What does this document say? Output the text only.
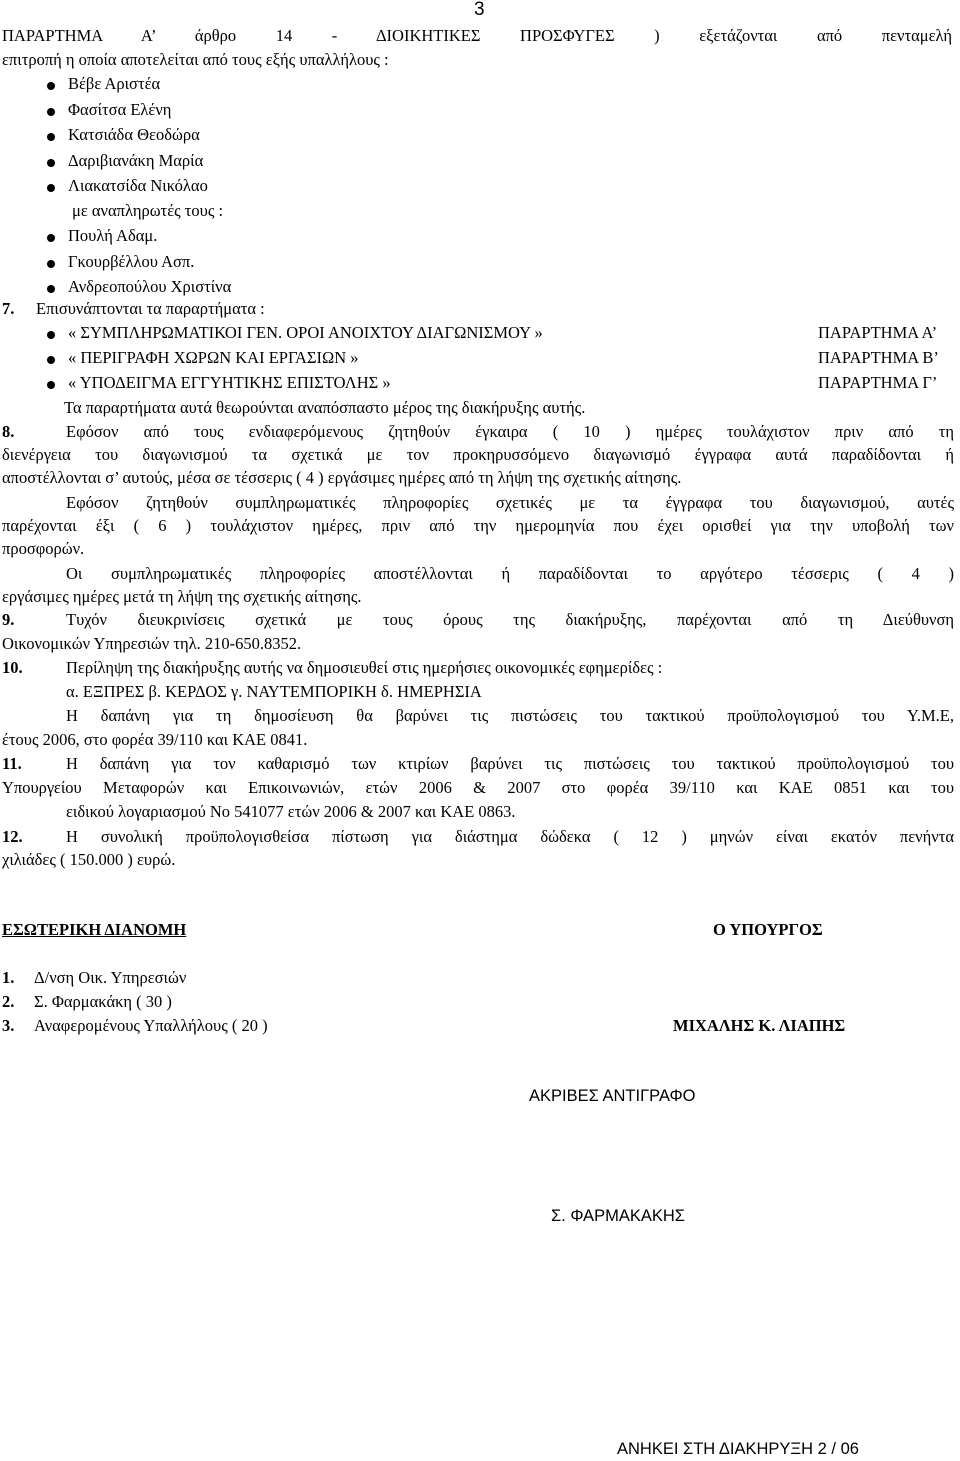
3
ΠΑΡΑΡΤΗΜΑ Α’ άρθρο 14 - ΔΙΟΙΚΗΤΙΚΕΣ ΠΡΟΣΦΥΓΕΣ ) εξετάζονται από πενταμελή
επιτροπή η οποία αποτελείται από τους εξής υπαλλήλους :
Βέβε Αριστέα
Φασίτσα Ελένη
Κατσιάδα Θεοδώρα
Δαριβιανάκη Μαρία
Λιακατσίδα Νικόλαο
με αναπληρωτές τους :
Πουλή Αδαμ.
Γκουρβέλλου Ασπ.
Ανδρεοπούλου Χριστίνα
7. Επισυνάπτονται τα παραρτήματα :
« ΣΥΜΠΛΗΡΩΜΑΤΙΚΟΙ ΓΕΝ. ΟΡΟΙ ΑΝΟΙΧΤΟΥ ΔΙΑΓΩΝΙΣΜΟΥ »	ΠΑΡΑΡΤΗΜΑ Α’
« ΠΕΡΙΓΡΑΦΗ ΧΩΡΩΝ ΚΑΙ ΕΡΓΑΣΙΩΝ »	ΠΑΡΑΡΤΗΜΑ Β’
« ΥΠΟΔΕΙΓΜΑ ΕΓΓΥΗΤΙΚΗΣ ΕΠΙΣΤΟΛΗΣ »	ΠΑΡΑΡΤΗΜΑ Γ’
Τα παραρτήματα αυτά θεωρούνται αναπόσπαστο μέρος της διακήρυξης αυτής.
8.	Εφόσον από τους ενδιαφερόμενους ζητηθούν έγκαιρα ( 10 ) ημέρες τουλάχιστον πριν από τη
διενέργεια του διαγωνισμού τα σχετικά με τον προκηρυσσόμενο διαγωνισμό έγγραφα αυτά παραδίδονται ή
αποστέλλονται σ’ αυτούς, μέσα σε τέσσερις ( 4 ) εργάσιμες ημέρες από τη λήψη της σχετικής αίτησης.
Εφόσον ζητηθούν συμπληρωματικές πληροφορίες σχετικές με τα έγγραφα του διαγωνισμού, αυτές
παρέχονται έξι ( 6 ) τουλάχιστον ημέρες, πριν από την ημερομηνία που έχει ορισθεί για την υποβολή των
προσφορών.
Οι συμπληρωματικές πληροφορίες αποστέλλονται ή παραδίδονται το αργότερο τέσσερις ( 4 )
εργάσιμες ημέρες μετά τη λήψη της σχετικής αίτησης.
9.	Τυχόν διευκρινίσεις σχετικά με τους όρους της διακήρυξης, παρέχονται από τη Διεύθυνση
Οικονομικών Υπηρεσιών τηλ. 210-650.8352.
10.	Περίληψη της διακήρυξης αυτής να δημοσιευθεί στις ημερήσιες οικονομικές εφημερίδες :
α. ΕΞΠΡΕΣ β. ΚΕΡΔΟΣ γ. ΝΑΥΤΕΜΠΟΡΙΚΗ δ. ΗΜΕΡΗΣΙΑ
Η δαπάνη για τη δημοσίευση θα βαρύνει τις πιστώσεις του τακτικού προϋπολογισμού του Υ.Μ.Ε,
έτους 2006, στο φορέα 39/110 και ΚΑΕ 0841.
11.	Η δαπάνη για τον καθαρισμό των κτιρίων βαρύνει τις πιστώσεις του τακτικού προϋπολογισμού του
Υπουργείου Μεταφορών και Επικοινωνιών, ετών 2006 & 2007 στο φορέα 39/110 και ΚΑΕ 0851 και του
ειδικού λογαριασμού Νο 541077 ετών 2006 & 2007 και ΚΑΕ 0863.
12.	Η συνολική προϋπολογισθείσα πίστωση για διάστημα δώδεκα ( 12 ) μηνών είναι εκατόν πενήντα
χιλιάδες ( 150.000 ) ευρώ.
ΕΣΩΤΕΡΙΚΗ ΔΙΑΝΟΜΗ	Ο ΥΠΟΥΡΓΟΣ
1. Δ/νση Οικ. Υπηρεσιών
2. Σ. Φαρμακάκη ( 30 )
3. Αναφερομένους Υπαλλήλους ( 20 )	ΜΙΧΑΛΗΣ Κ. ΛΙΑΠΗΣ
ΑΚΡΙΒΕΣ ΑΝΤΙΓΡΑΦΟ
Σ. ΦΑΡΜΑΚΑΚΗΣ
ΑΝΗΚΕΙ ΣΤΗ ΔΙΑΚΗΡΥΞΗ 2 / 06
